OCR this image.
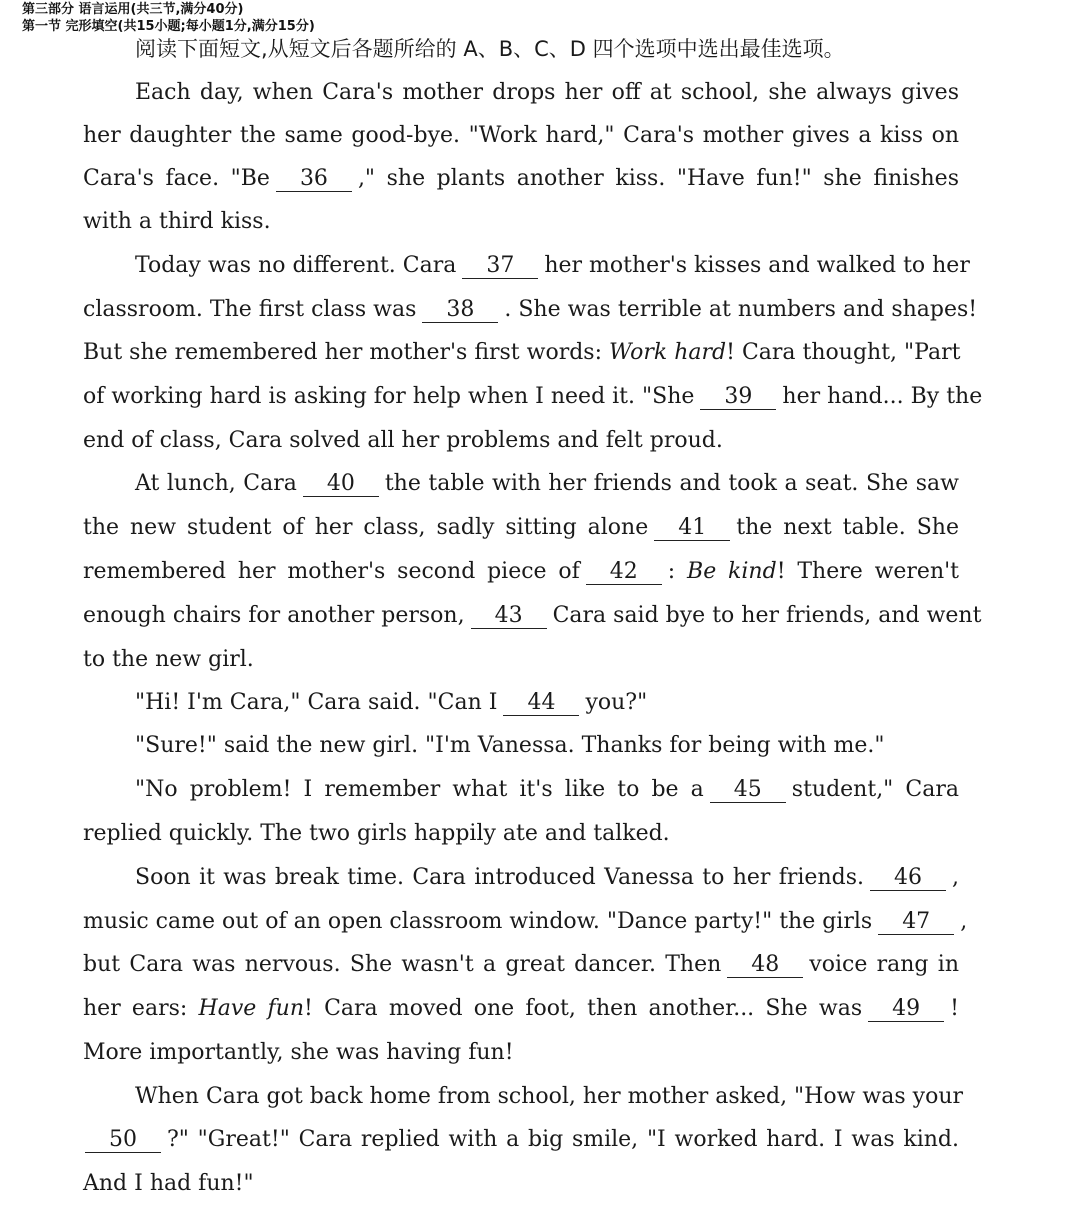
第三部分 语言运用(共三节,满分40分)
第一节 完形填空(共15小题;每小题1分,满分15分)
阅读下面短文,从短文后各题所给的 A、B、C、D 四个选项中选出最佳选项。
Each day, when Cara's mother drops her off at school, she always gives
her daughter the same good-bye. "Work hard," Cara's mother gives a kiss on
Cara's face. "Be 36 ," she plants another kiss. "Have fun!" she finishes
with a third kiss.
Today was no different. Cara 37 her mother's kisses and walked to her
classroom. The first class was 38 . She was terrible at numbers and shapes!
But she remembered her mother's first words: Work hard! Cara thought, "Part
of working hard is asking for help when I need it. "She 39 her hand... By the
end of class, Cara solved all her problems and felt proud.
At lunch, Cara 40 the table with her friends and took a seat. She saw
the new student of her class, sadly sitting alone 41 the next table. She
remembered her mother's second piece of 42 : Be kind! There weren't
enough chairs for another person, 43 Cara said bye to her friends, and went
to the new girl.
"Hi! I'm Cara," Cara said. "Can I 44 you?"
"Sure!" said the new girl. "I'm Vanessa. Thanks for being with me."
"No problem! I remember what it's like to be a 45 student," Cara
replied quickly. The two girls happily ate and talked.
Soon it was break time. Cara introduced Vanessa to her friends. 46 ,
music came out of an open classroom window. "Dance party!" the girls 47 ,
but Cara was nervous. She wasn't a great dancer. Then 48 voice rang in
her ears: Have fun! Cara moved one foot, then another... She was 49 !
More importantly, she was having fun!
When Cara got back home from school, her mother asked, "How was your
50 ?" "Great!" Cara replied with a big smile, "I worked hard. I was kind.
And I had fun!"
